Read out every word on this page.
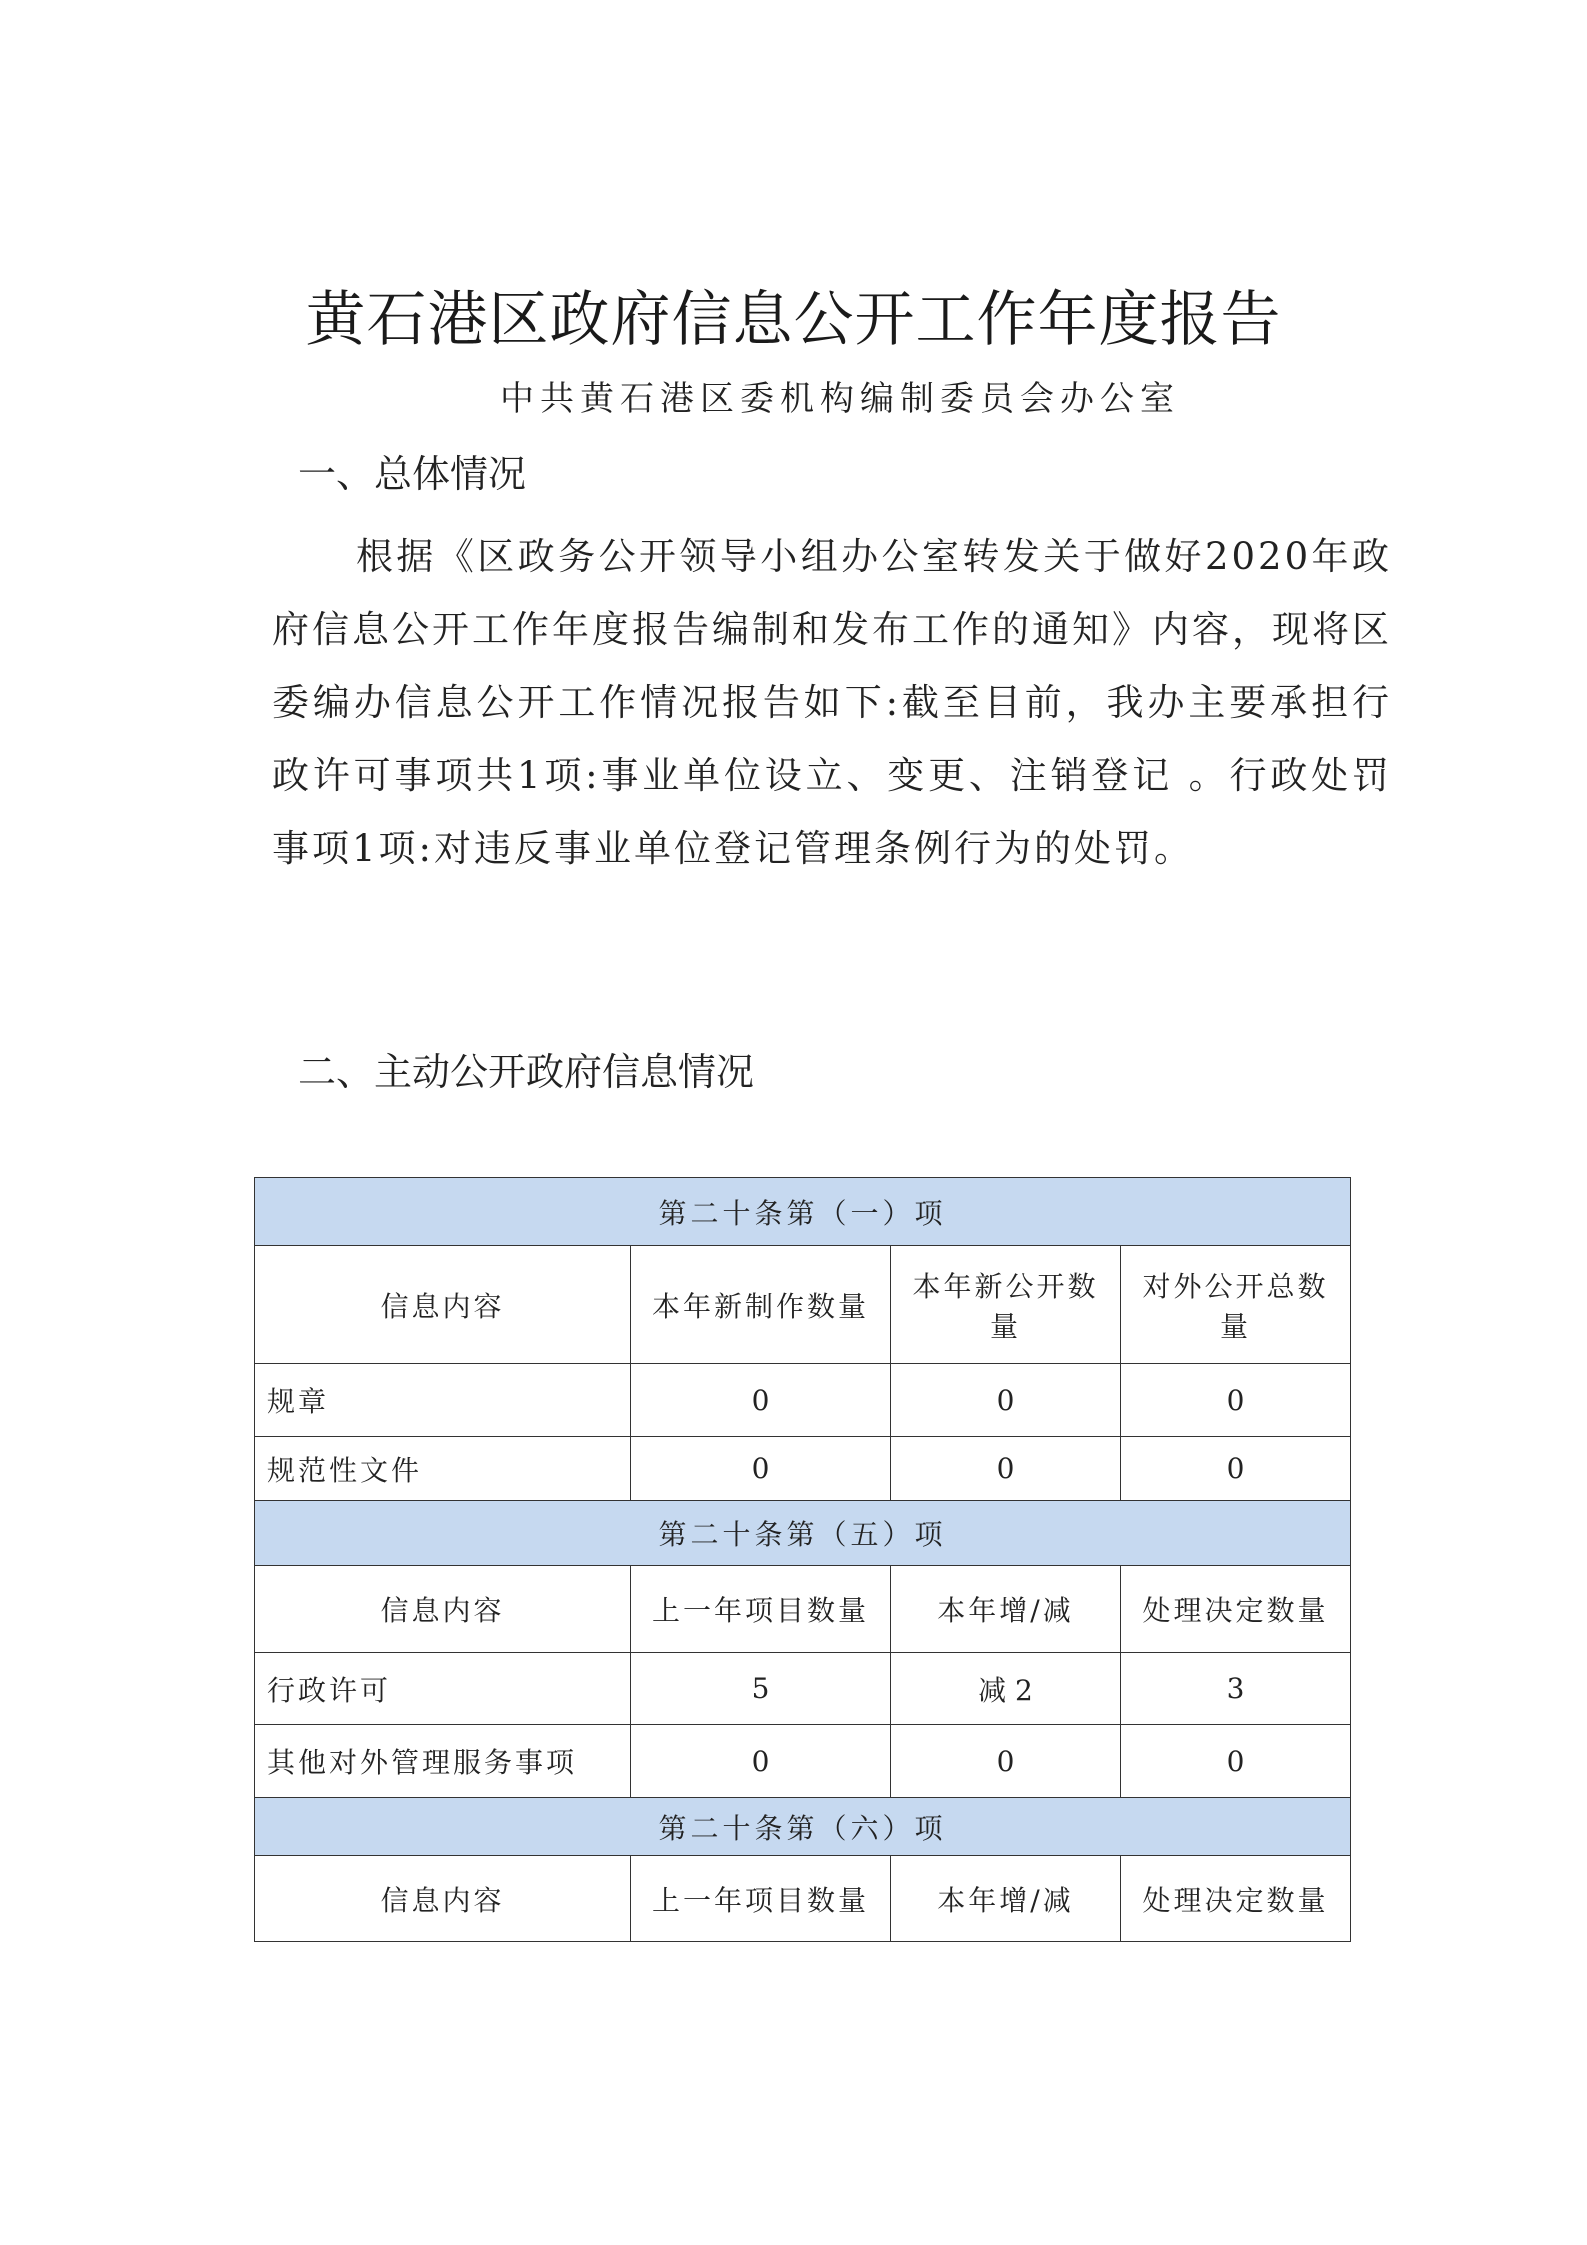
黄石港区政府信息公开工作年度报告
中共黄石港区委机构编制委员会办公室
一、总体情况

根据《区政务公开领导小组办公室转发关于做好2020年政府信息公开工作年度报告编制和发布工作的通知》内容，现将区委编办信息公开工作情况报告如下:截至目前，我办主要承担行政许可事项共1项:事业单位设立、变更、注销登记 。行政处罚事项1项:对违反事业单位登记管理条例行为的处罚。

二、主动公开政府信息情况
第二十条第（一）项			
信息内容	本年新制作数量	本年新公开数量	对外公开总数量
规章	0	0	0
规范性文件	0	0	0
第二十条第（五）项			
信息内容	上一年项目数量	本年增/减	处理决定数量
行政许可	5	减 2	3
其他对外管理服务事项	0	0	0
第二十条第（六）项			
信息内容	上一年项目数量	本年增/减	处理决定数量
